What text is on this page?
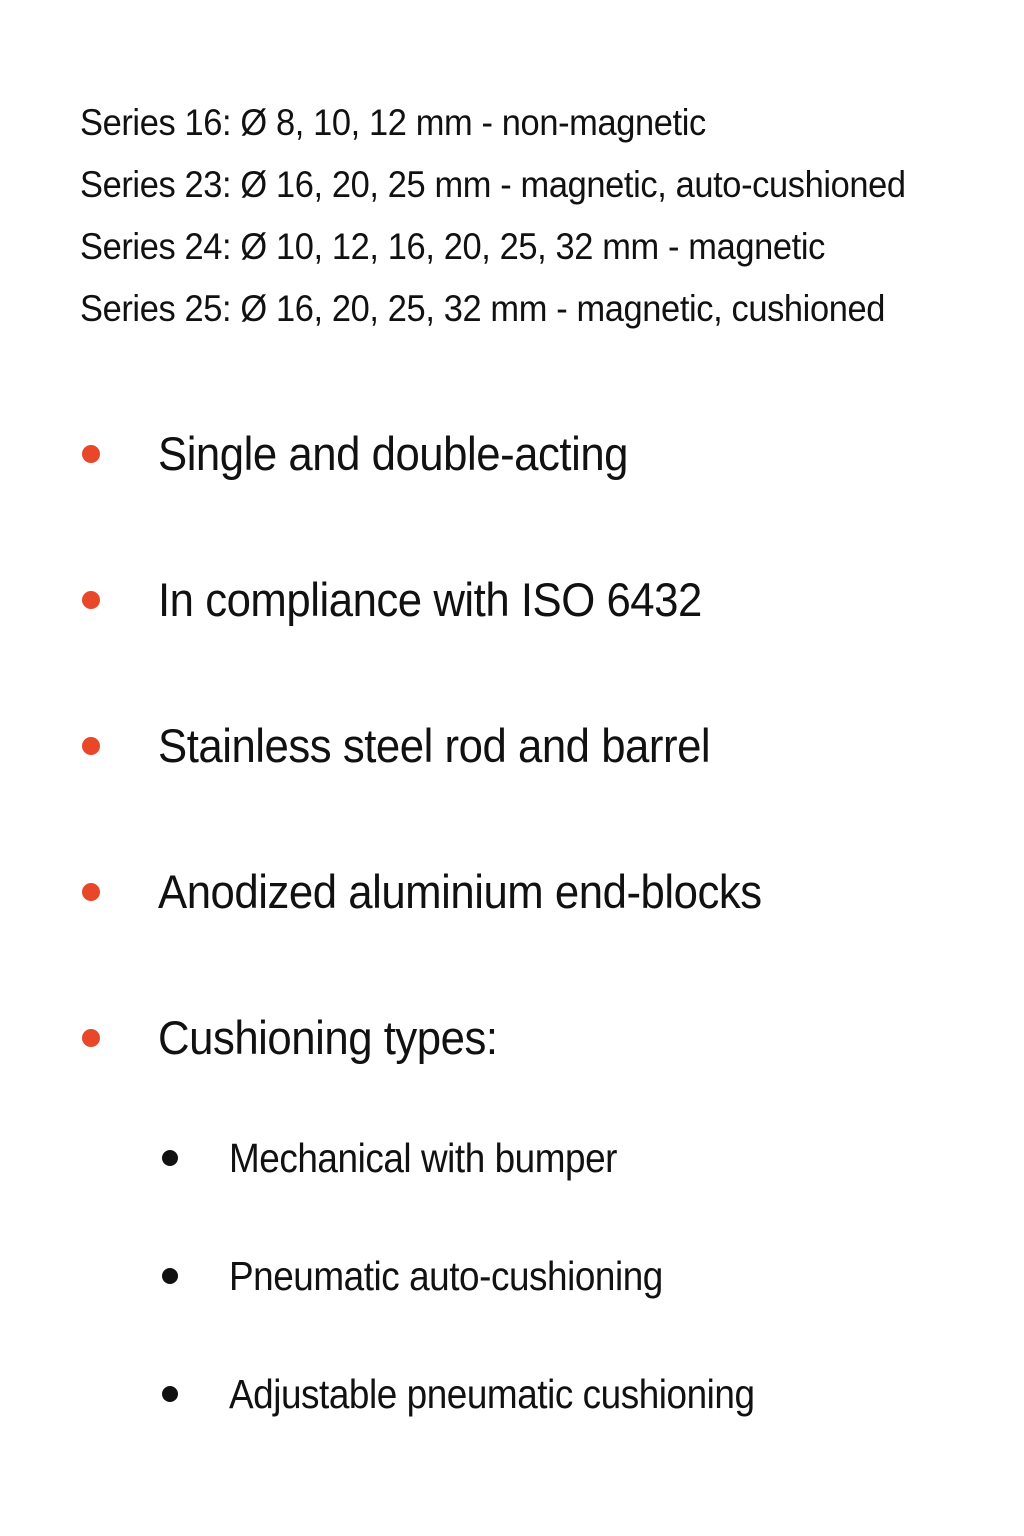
Series 16: Ø 8, 10, 12 mm - non-magnetic
Series 23: Ø 16, 20, 25 mm - magnetic, auto-cushioned
Series 24: Ø 10, 12, 16, 20, 25, 32 mm - magnetic
Series 25: Ø 16, 20, 25, 32 mm - magnetic, cushioned
Single and double-acting
In compliance with ISO 6432
Stainless steel rod and barrel
Anodized aluminium end-blocks
Cushioning types:
Mechanical with bumper
Pneumatic auto-cushioning
Adjustable pneumatic cushioning
